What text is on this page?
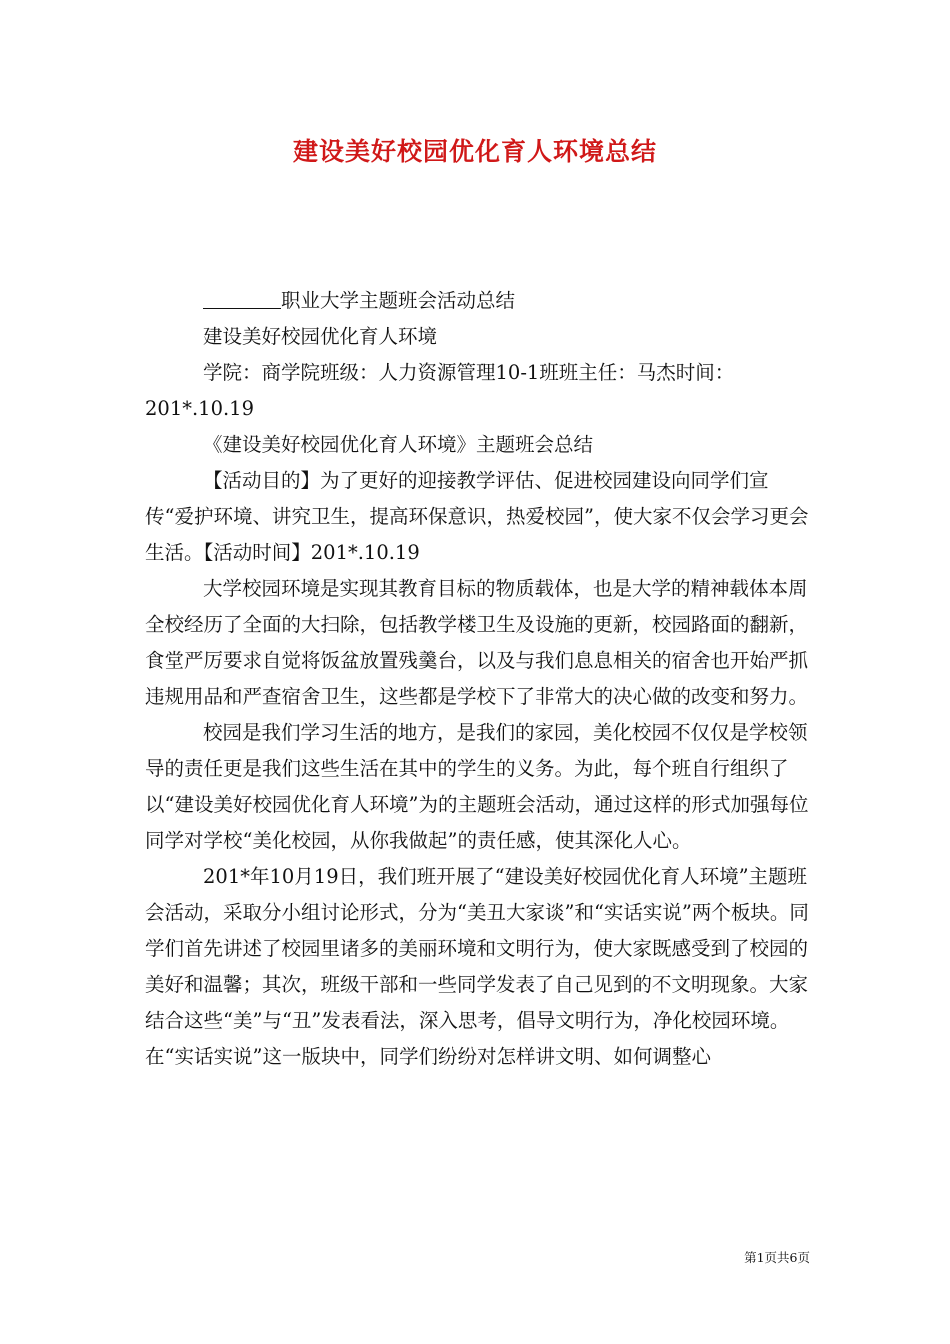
建设美好校园优化育人环境总结

职业大学主题班会活动总结

建设美好校园优化育人环境

学院：商学院班级：人力资源管理10-1班班主任：马杰时间：201*.10.19

《建设美好校园优化育人环境》主题班会总结

【活动目的】为了更好的迎接教学评估、促进校园建设向同学们宣传“爱护环境、讲究卫生，提高环保意识，热爱校园”，使大家不仅会学习更会生活。【活动时间】201*.10.19

大学校园环境是实现其教育目标的物质载体，也是大学的精神载体本周全校经历了全面的大扫除，包括教学楼卫生及设施的更新，校园路面的翻新，食堂严厉要求自觉将饭盆放置残羹台，以及与我们息息相关的宿舍也开始严抓违规用品和严查宿舍卫生，这些都是学校下了非常大的决心做的改变和努力。

校园是我们学习生活的地方，是我们的家园，美化校园不仅仅是学校领导的责任更是我们这些生活在其中的学生的义务。为此，每个班自行组织了以“建设美好校园优化育人环境”为的主题班会活动，通过这样的形式加强每位同学对学校“美化校园，从你我做起”的责任感，使其深化人心。

201*年10月19日，我们班开展了“建设美好校园优化育人环境”主题班会活动，采取分小组讨论形式，分为“美丑大家谈”和“实话实说”两个板块。同学们首先讲述了校园里诸多的美丽环境和文明行为，使大家既感受到了校园的美好和温馨；其次，班级干部和一些同学发表了自己见到的不文明现象。大家结合这些“美”与“丑”发表看法，深入思考，倡导文明行为，净化校园环境。在“实话实说”这一版块中，同学们纷纷对怎样讲文明、如何调整心

第1页共6页
